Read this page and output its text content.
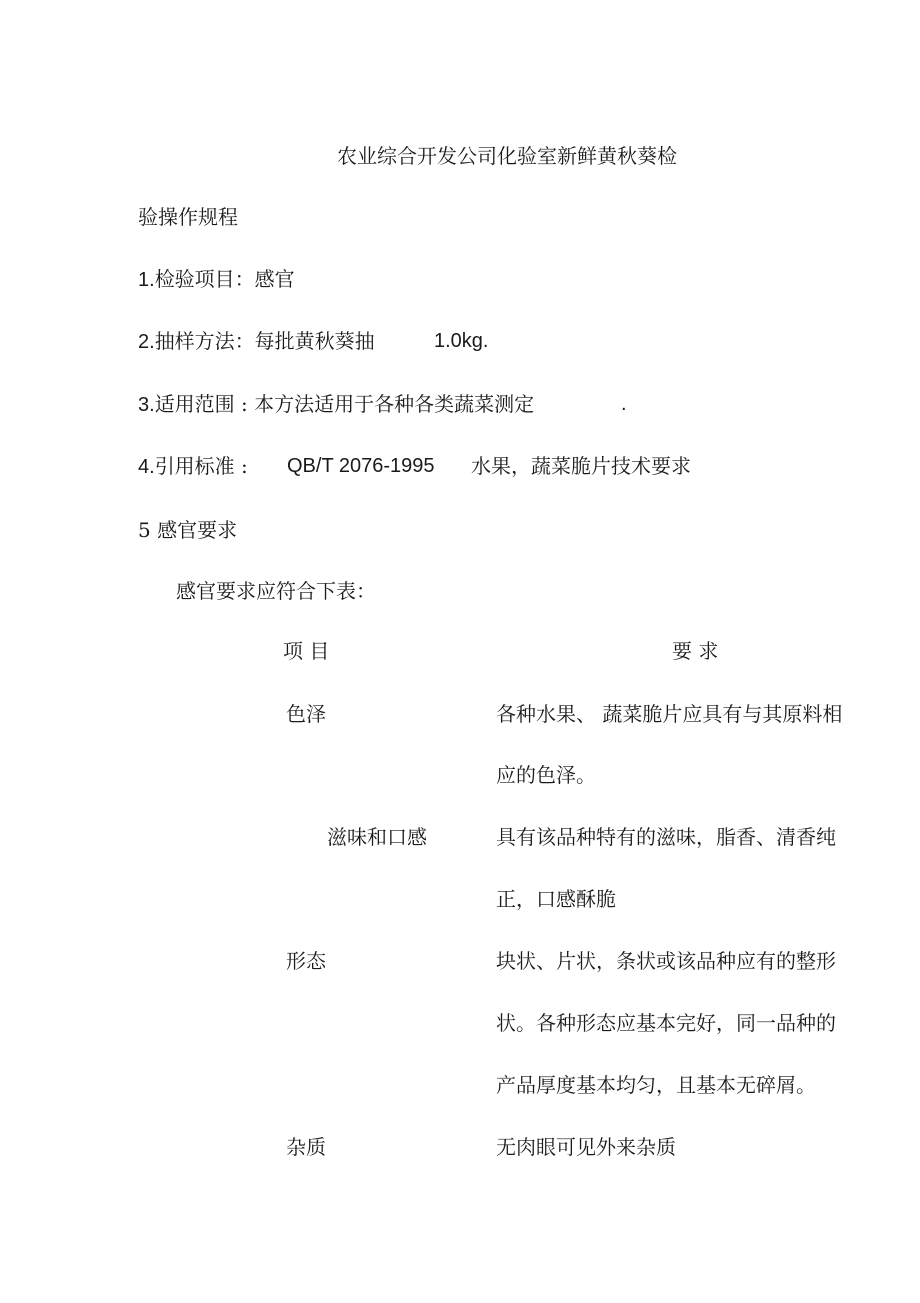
农业综合开发公司化验室新鲜黄秋葵检
验操作规程
1.检验项目：感官
2.抽样方法：每批黄秋葵抽	1.0kg.
3.适用范围 : 本方法适用于各种各类蔬菜测定	.
4.引用标准 : QB/T 2076-1995 水果，蔬菜脆片技术要求
5 感官要求
感官要求应符合下表：
项 目	要 求
色泽	各种水果、 蔬菜脆片应具有与其原料相
应的色泽。
滋味和口感	具有该品种特有的滋味，脂香、清香纯
正，口感酥脆
形态	块状、片状，条状或该品种应有的整形
状。各种形态应基本完好，同一品种的
产品厚度基本均匀，且基本无碎屑。
杂质	无肉眼可见外来杂质
